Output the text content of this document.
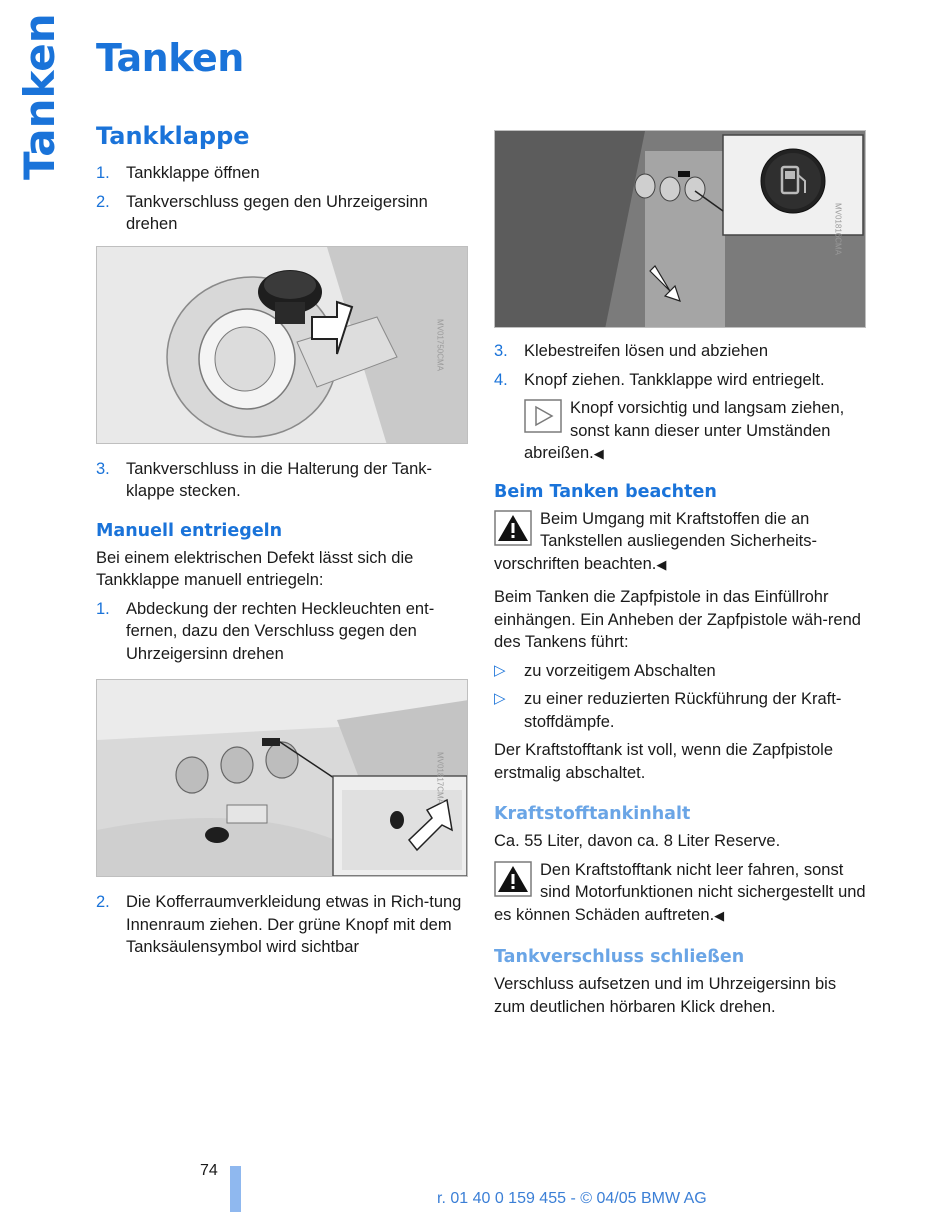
Tanken Tanken
Tankklappe
1. Tankklappe öffnen
2. Tankverschluss gegen den Uhrzeigersinn drehen
MV01750CMA
3. Tankverschluss in die Halterung der Tank-klappe stecken.
Manuell entriegeln

Bei einem elektrischen Defekt lässt sich die Tankklappe manuell entriegeln:

1. Abdeckung der rechten Heckleuchten ent-fernen, dazu den Verschluss gegen den Uhrzeigersinn drehen
MV01817CMA
2. Die Kofferraumverkleidung etwas in Rich-tung Innenraum ziehen. Der grüne Knopf mit dem Tanksäulensymbol wird sichtbar
MV01816CMA
3. Klebestreifen lösen und abziehen
4. Knopf ziehen. Tankklappe wird entriegelt.
Knopf vorsichtig und langsam ziehen, sonst kann dieser unter Umständen abreißen.◀
Beim Tanken beachten
Beim Umgang mit Kraftstoffen die an Tankstellen ausliegenden Sicherheits-vorschriften beachten.◀

Beim Tanken die Zapfpistole in das Einfüllrohr einhängen. Ein Anheben der Zapfpistole wäh-rend des Tankens führt:

▷	zu vorzeitigem Abschalten
▷	zu einer reduzierten Rückführung der Kraft-stoffdämpfe.

Der Kraftstofftank ist voll, wenn die Zapfpistole erstmalig abschaltet.

Kraftstofftankinhalt

Ca. 55 Liter, davon ca. 8 Liter Reserve.

Den Kraftstofftank nicht leer fahren, sonst sind Motorfunktionen nicht sichergestellt und es können Schäden auftreten.◀
Tankverschluss schließen

Verschluss aufsetzen und im Uhrzeigersinn bis zum deutlichen hörbaren Klick drehen.

74
r. 01 40 0 159 455 - © 04/05 BMW AG
